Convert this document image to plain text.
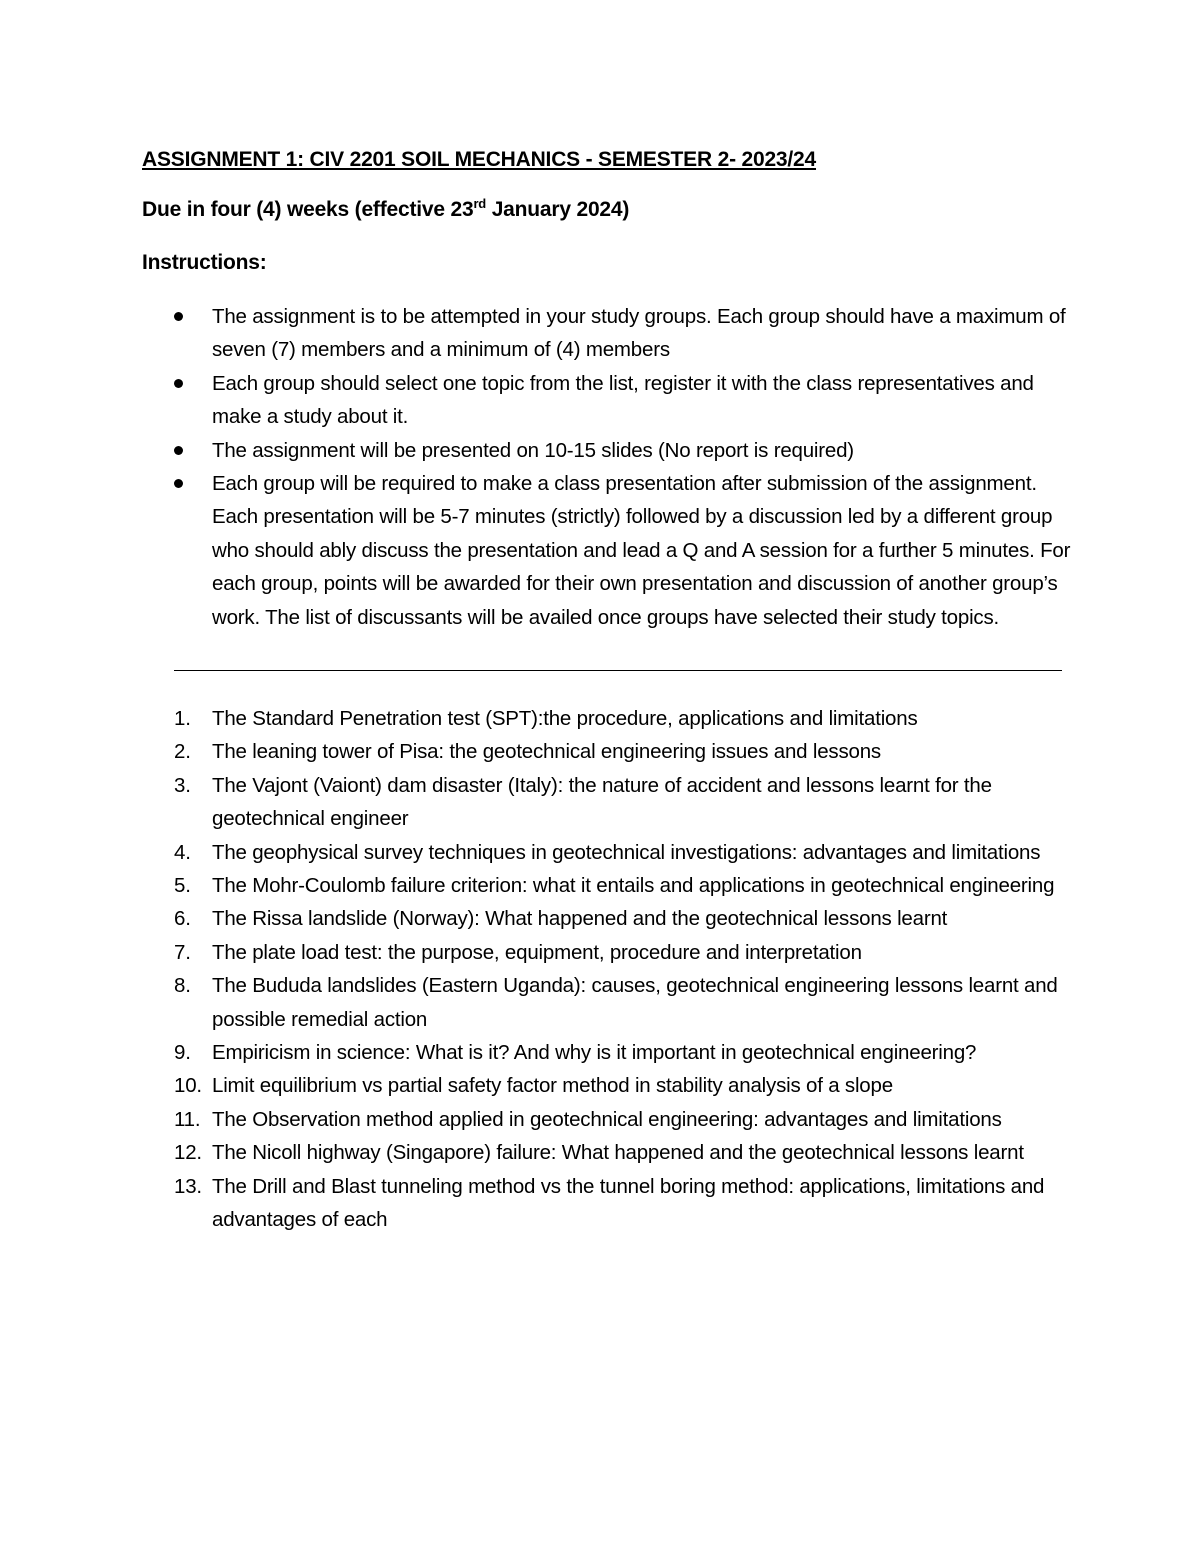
ASSIGNMENT 1: CIV 2201 SOIL MECHANICS - SEMESTER 2- 2023/24
Due in four (4) weeks (effective 23rd January 2024)
Instructions:
The assignment is to be attempted in your study groups. Each group should have a maximum of seven (7) members and a minimum of (4) members
Each group should select one topic from the list, register it with the class representatives and make a study about it.
The assignment will be presented on 10-15 slides (No report is required)
Each group will be required to make a class presentation after submission of the assignment. Each presentation will be 5-7 minutes (strictly) followed by a discussion led by a different group who should ably discuss the presentation and lead a Q and A session for a further 5 minutes. For each group, points will be awarded for their own presentation and discussion of another group’s work. The list of discussants will be availed once groups have selected their study topics.
1. The Standard Penetration test (SPT):the procedure, applications and limitations
2. The leaning tower of Pisa: the geotechnical engineering issues and lessons
3. The Vajont (Vaiont) dam disaster (Italy): the nature of accident and lessons learnt for the geotechnical engineer
4. The geophysical survey techniques in geotechnical investigations: advantages and limitations
5. The Mohr-Coulomb failure criterion: what it entails and applications in geotechnical engineering
6. The Rissa landslide (Norway): What happened and the geotechnical lessons learnt
7. The plate load test: the purpose, equipment, procedure and interpretation
8. The Bududa landslides (Eastern Uganda): causes, geotechnical engineering lessons learnt and possible remedial action
9. Empiricism in science: What is it? And why is it important in geotechnical engineering?
10. Limit equilibrium vs partial safety factor method in stability analysis of a slope
11. The Observation method applied in geotechnical engineering: advantages and limitations
12. The Nicoll highway (Singapore) failure: What happened and the geotechnical lessons learnt
13. The Drill and Blast tunneling method vs the tunnel boring method: applications, limitations and advantages of each
